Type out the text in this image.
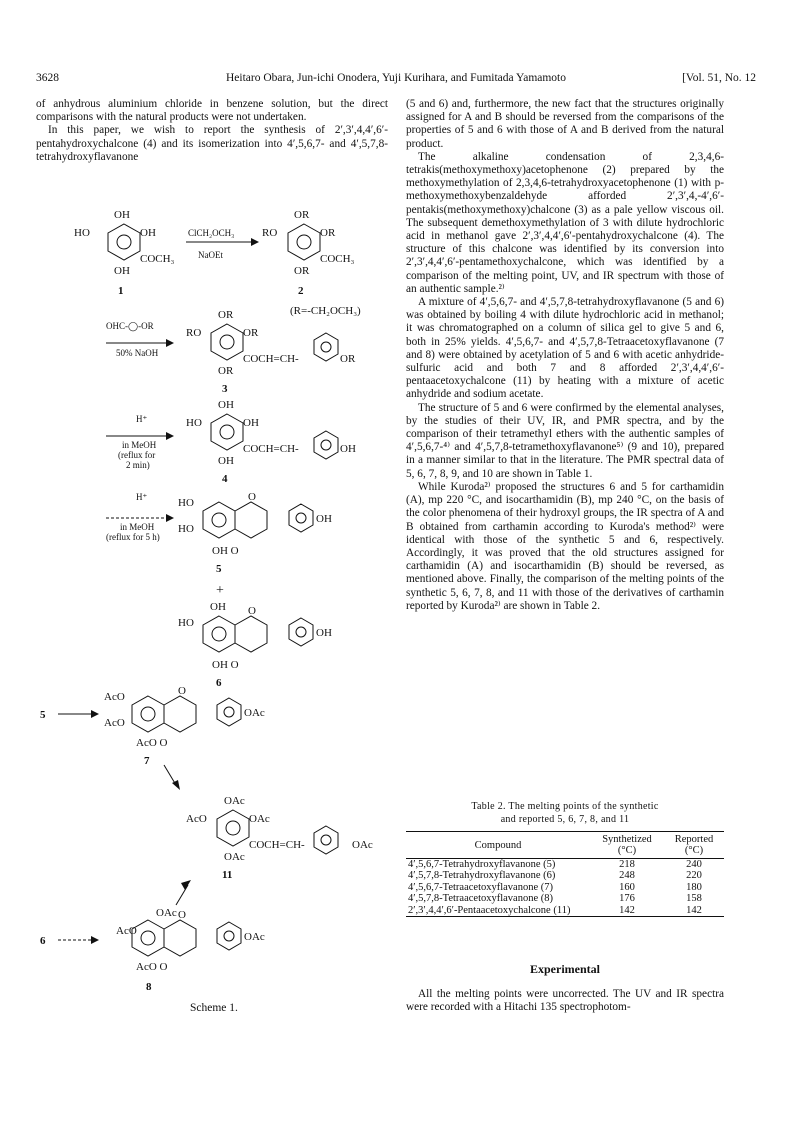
3628	Heitaro Obara, Jun-ichi Onodera, Yuji Kurihara, and Fumitada Yamamoto	[Vol. 51, No. 12

of anhydrous aluminium chloride in benzene solution, but the direct comparisons with the natural products were not undertaken.

In this paper, we wish to report the synthesis of 2′,3′,4,4′,6′-pentahydroxychalcone (4) and its isomerization into 4′,5,6,7- and 4′,5,7,8-tetrahydroxyflavanone

OH
HO	OH
COCH₃
OH
1
ClCH₂OCH₃
NaOEt
OR
RO	OR
COCH₃
OR
2
(R=-CH₂OCH₃)
OHC-◯-OR
50% NaOH
OR
RO	OR
COCH=CH-	OR
OR
3
H⁺
in MeOH
(reflux for
2 min)
OH
HO	OH
COCH=CH-	OH
OH
4
H⁺
in MeOH
(reflux for 5 h)
HO
HO
O
OH
OH O
5
+
OH
HO
O
OH
OH O
6
5
AcO
AcO
O
OAc
AcO O
7
OAc
AcO	OAc
COCH=CH-	OAc
OAc
11
OAc
AcO
O
OAc
AcO O
6
8
Scheme 1.

(5 and 6) and, furthermore, the new fact that the structures originally assigned for A and B should be reversed from the comparisons of the properties of 5 and 6 with those of A and B derived from the natural product.

The alkaline condensation of 2,3,4,6-tetrakis(methoxymethoxy)acetophenone (2) prepared by the methoxymethylation of 2,3,4,6-tetrahydroxyacetophenone (1) with p-methoxymethoxybenzaldehyde afforded 2′,3′,4,-4′,6′-pentakis(methoxymethoxy)chalcone (3) as a pale yellow viscous oil. The subsequent demethoxymethylation of 3 with dilute hydrochloric acid in methanol gave 2′,3′,4,4′,6′-pentahydroxychalcone (4). The structure of this chalcone was identified by its conversion into 2′,3′,4,4′,6′-pentamethoxychalcone, which was identified by a comparison of the melting point, UV, and IR spectrum with those of an authentic sample.²⁾

A mixture of 4′,5,6,7- and 4′,5,7,8-tetrahydroxyflavanone (5 and 6) was obtained by boiling 4 with dilute hydrochloric acid in methanol; it was chromatographed on a column of silica gel to give 5 and 6, both in 25% yields. 4′,5,6,7- and 4′,5,7,8-Tetraacetoxyflavanone (7 and 8) were obtained by acetylation of 5 and 6 with acetic anhydride-sulfuric acid and both 7 and 8 afforded 2′,3′,4,4′,6′-pentaacetoxychalcone (11) by heating with a mixture of acetic anhydride and sodium acetate.

The structure of 5 and 6 were confirmed by the elemental analyses, by the studies of their UV, IR, and PMR spectra, and by the comparison of their tetramethyl ethers with the authentic samples of 4′,5,6,7-⁴⁾ and 4′,5,7,8-tetramethoxyflavanone⁵⁾ (9 and 10), prepared in a manner similar to that in the literature. The PMR spectral data of 5, 6, 7, 8, 9, and 10 are shown in Table 1.

While Kuroda²⁾ proposed the structures 6 and 5 for carthamidin (A), mp 220 °C, and isocarthamidin (B), mp 240 °C, on the basis of the color phenomena of their hydroxyl groups, the IR spectra of A and B obtained from carthamin according to Kuroda's method²⁾ were identical with those of the synthetic 5 and 6, respectively. Accordingly, it was proved that the old structures assigned for carthamidin (A) and isocarthamidin (B) should be reversed, as mentioned above. Finally, the comparison of the melting points of the synthetic 5, 6, 7, 8, and 11 with those of the derivatives of carthamin reported by Kuroda²⁾ are shown in Table 2.

Table 2. The melting points of the synthetic
and reported 5, 6, 7, 8, and 11
Compound	Synthetized (°C)	Reported (°C)
4′,5,6,7-Tetrahydroxyflavanone (5)	218	240
4′,5,7,8-Tetrahydroxyflavanone (6)	248	220
4′,5,6,7-Tetraacetoxyflavanone (7)	160	180
4′,5,7,8-Tetraacetoxyflavanone (8)	176	158
2′,3′,4,4′,6′-Pentaacetoxychalcone (11)	142	142
Experimental

All the melting points were uncorrected. The UV and IR spectra were recorded with a Hitachi 135 spectrophotom-
